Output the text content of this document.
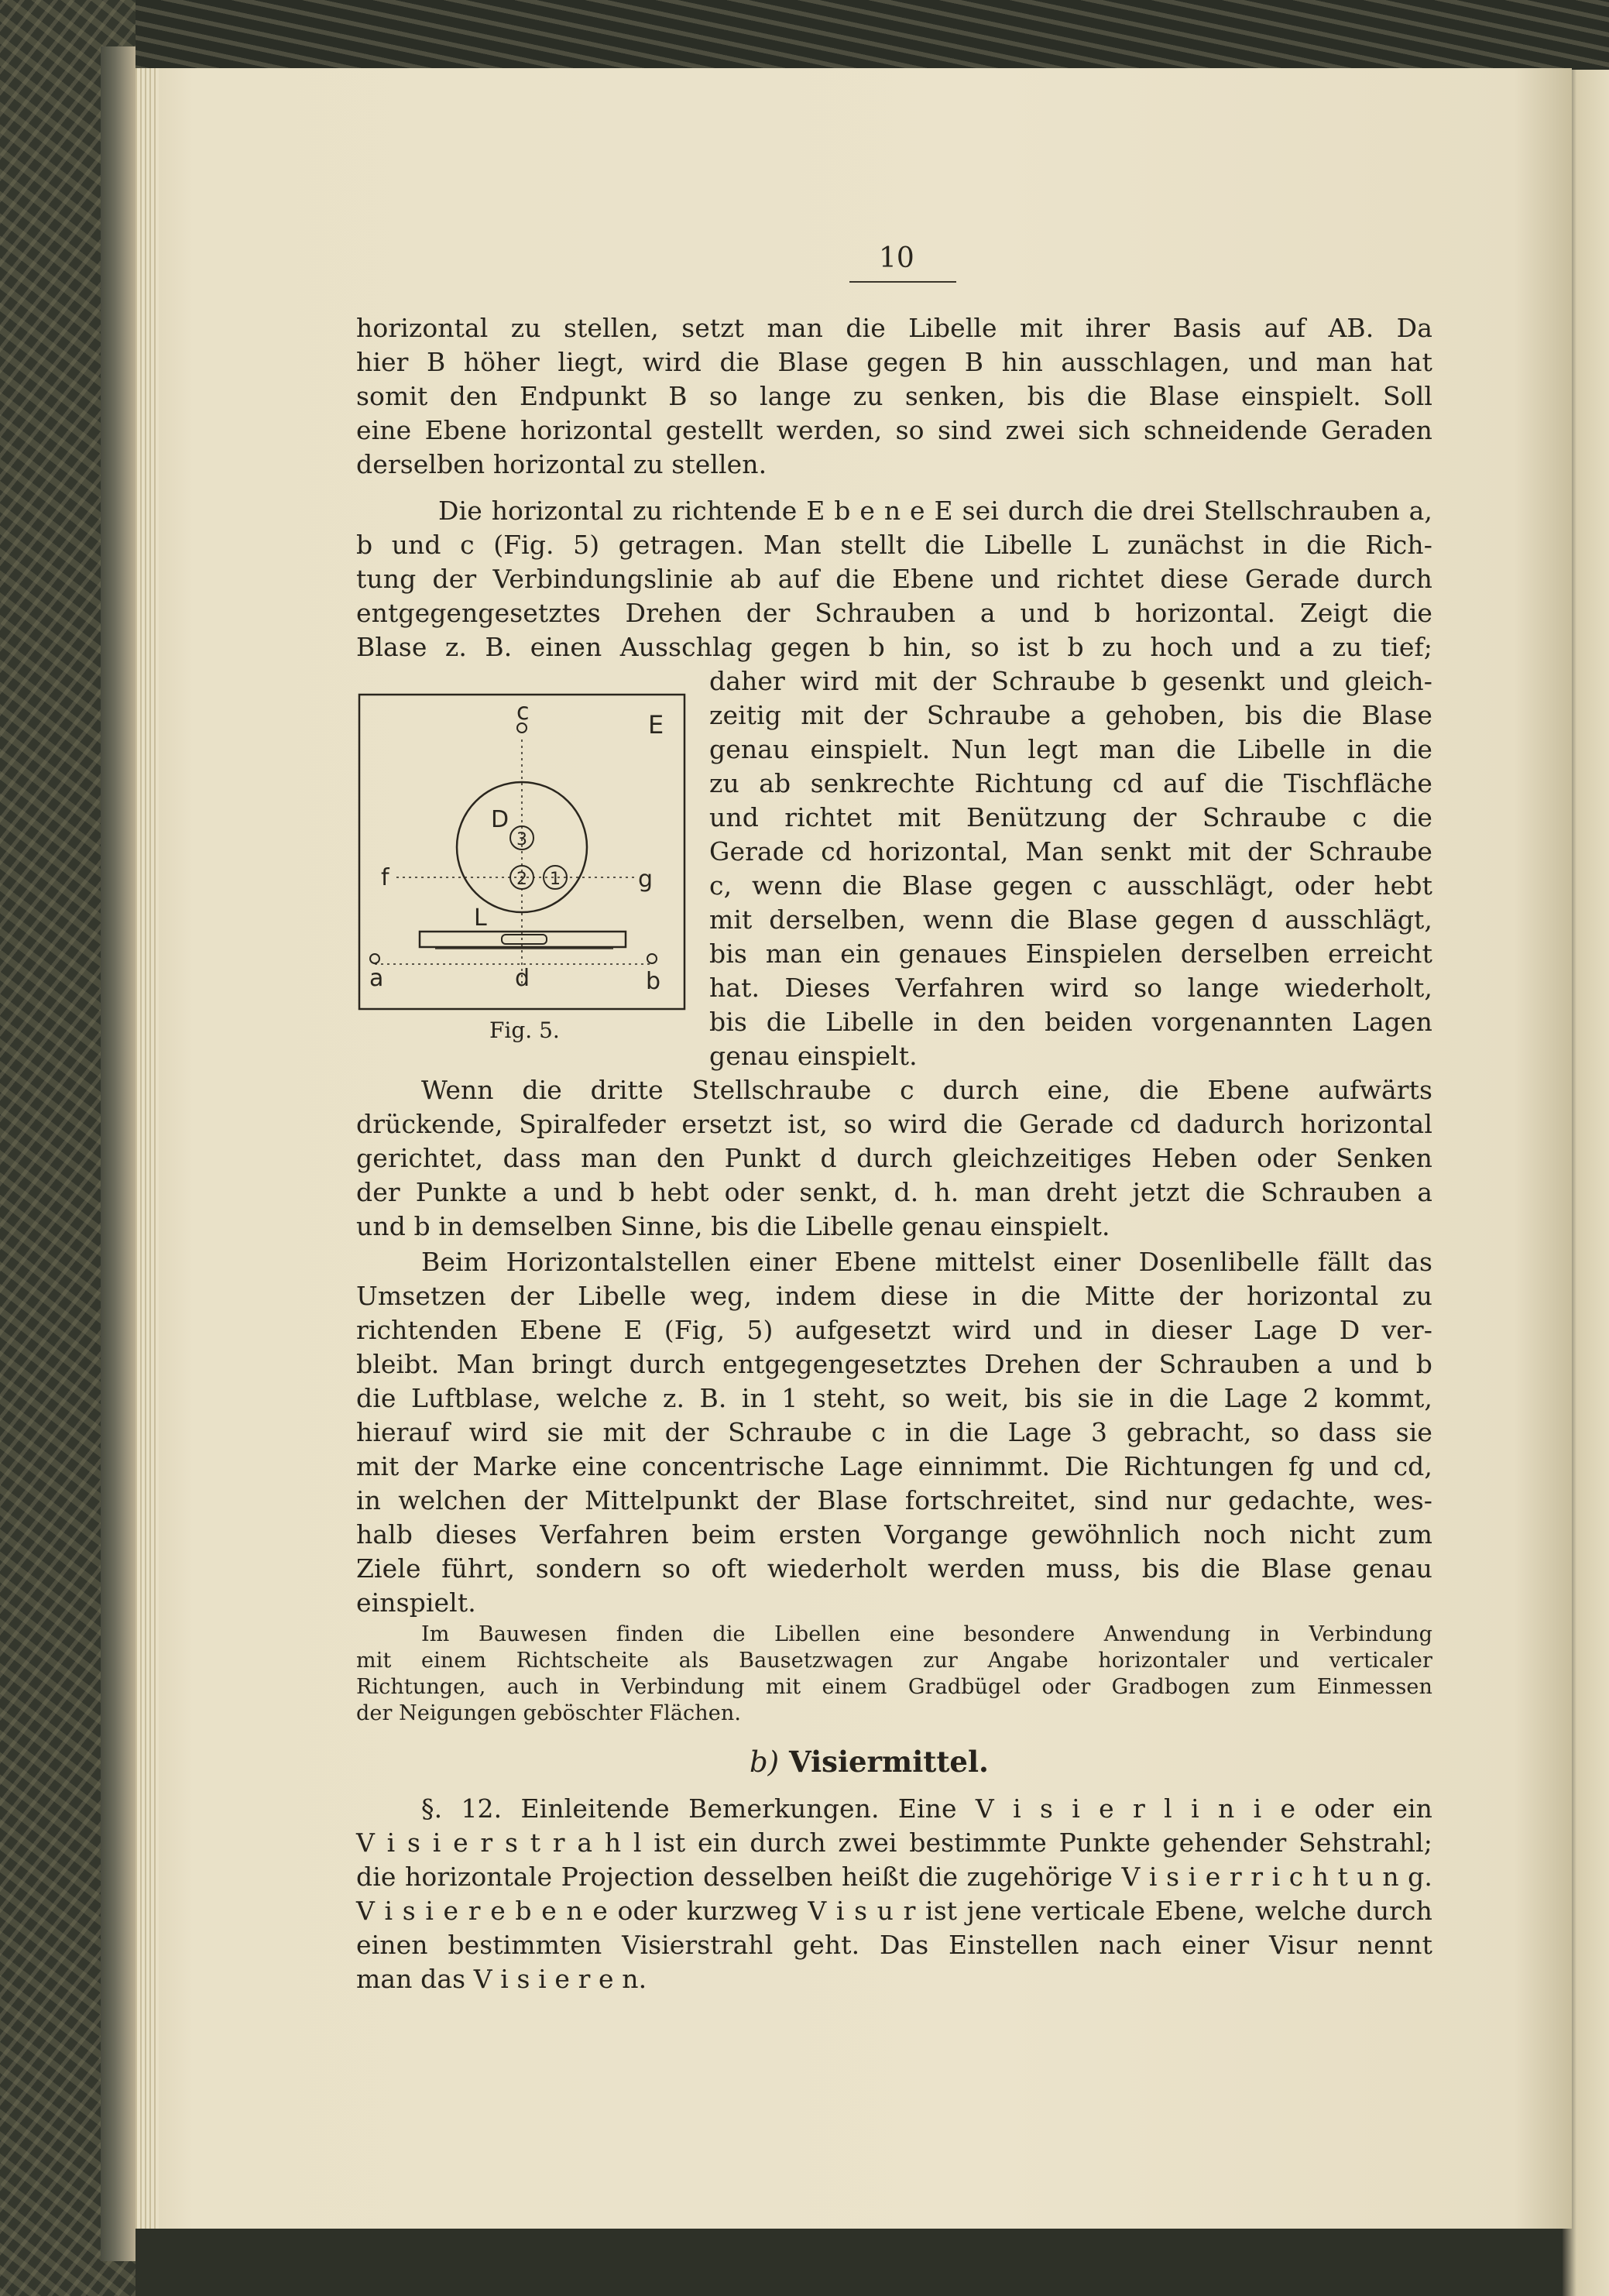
10
horizontal zu stellen, setzt man die Libelle mit ihrer Basis auf AB. Da
hier B höher liegt, wird die Blase gegen B hin ausschlagen, und man hat
somit den Endpunkt B so lange zu senken, bis die Blase einspielt. Soll
eine Ebene horizontal gestellt werden, so sind zwei sich schneidende Geraden
derselben horizontal zu stellen.
Die horizontal zu richtende E b e n e E sei durch die drei Stellschrauben a,
b und c (Fig. 5) getragen. Man stellt die Libelle L zunächst in die Rich-
tung der Verbindungslinie ab auf die Ebene und richtet diese Gerade durch
entgegengesetztes Drehen der Schrauben a und b horizontal. Zeigt die
Blase z. B. einen Ausschlag gegen b hin, so ist b zu hoch und a zu tief;
daher wird mit der Schraube b gesenkt und gleich-
zeitig mit der Schraube a gehoben, bis die Blase
genau einspielt. Nun legt man die Libelle in die
zu ab senkrechte Richtung cd auf die Tischfläche
und richtet mit Benützung der Schraube c die
Gerade cd horizontal, Man senkt mit der Schraube
c, wenn die Blase gegen c ausschlägt, oder hebt
mit derselben, wenn die Blase gegen d ausschlägt,
bis man ein genaues Einspielen derselben erreicht
hat. Dieses Verfahren wird so lange wiederholt,
bis die Libelle in den beiden vorgenannten Lagen
genau einspielt.
c	E
D
3
2 1
f	g
L
a	d	b
Fig. 5.
Wenn die dritte Stellschraube c durch eine, die Ebene aufwärts
drückende, Spiralfeder ersetzt ist, so wird die Gerade cd dadurch horizontal
gerichtet, dass man den Punkt d durch gleichzeitiges Heben oder Senken
der Punkte a und b hebt oder senkt, d. h. man dreht jetzt die Schrauben a
und b in demselben Sinne, bis die Libelle genau einspielt.
Beim Horizontalstellen einer Ebene mittelst einer Dosenlibelle fällt das
Umsetzen der Libelle weg, indem diese in die Mitte der horizontal zu
richtenden Ebene E (Fig, 5) aufgesetzt wird und in dieser Lage D ver-
bleibt. Man bringt durch entgegengesetztes Drehen der Schrauben a und b
die Luftblase, welche z. B. in 1 steht, so weit, bis sie in die Lage 2 kommt,
hierauf wird sie mit der Schraube c in die Lage 3 gebracht, so dass sie
mit der Marke eine concentrische Lage einnimmt. Die Richtungen fg und cd,
in welchen der Mittelpunkt der Blase fortschreitet, sind nur gedachte, wes-
halb dieses Verfahren beim ersten Vorgange gewöhnlich noch nicht zum
Ziele führt, sondern so oft wiederholt werden muss, bis die Blase genau
einspielt.
Im Bauwesen finden die Libellen eine besondere Anwendung in Verbindung
mit einem Richtscheite als Bausetzwagen zur Angabe horizontaler und verticaler
Richtungen, auch in Verbindung mit einem Gradbügel oder Gradbogen zum Einmessen
der Neigungen geböschter Flächen.
b) Visiermittel.
§. 12. Einleitende Bemerkungen. Eine V i s i e r l i n i e oder ein
V i s i e r s t r a h l ist ein durch zwei bestimmte Punkte gehender Sehstrahl;
die horizontale Projection desselben heißt die zugehörige V i s i e r r i c h t u n g.
V i s i e r e b e n e oder kurzweg V i s u r ist jene verticale Ebene, welche durch
einen bestimmten Visierstrahl geht. Das Einstellen nach einer Visur nennt
man das V i s i e r e n.
